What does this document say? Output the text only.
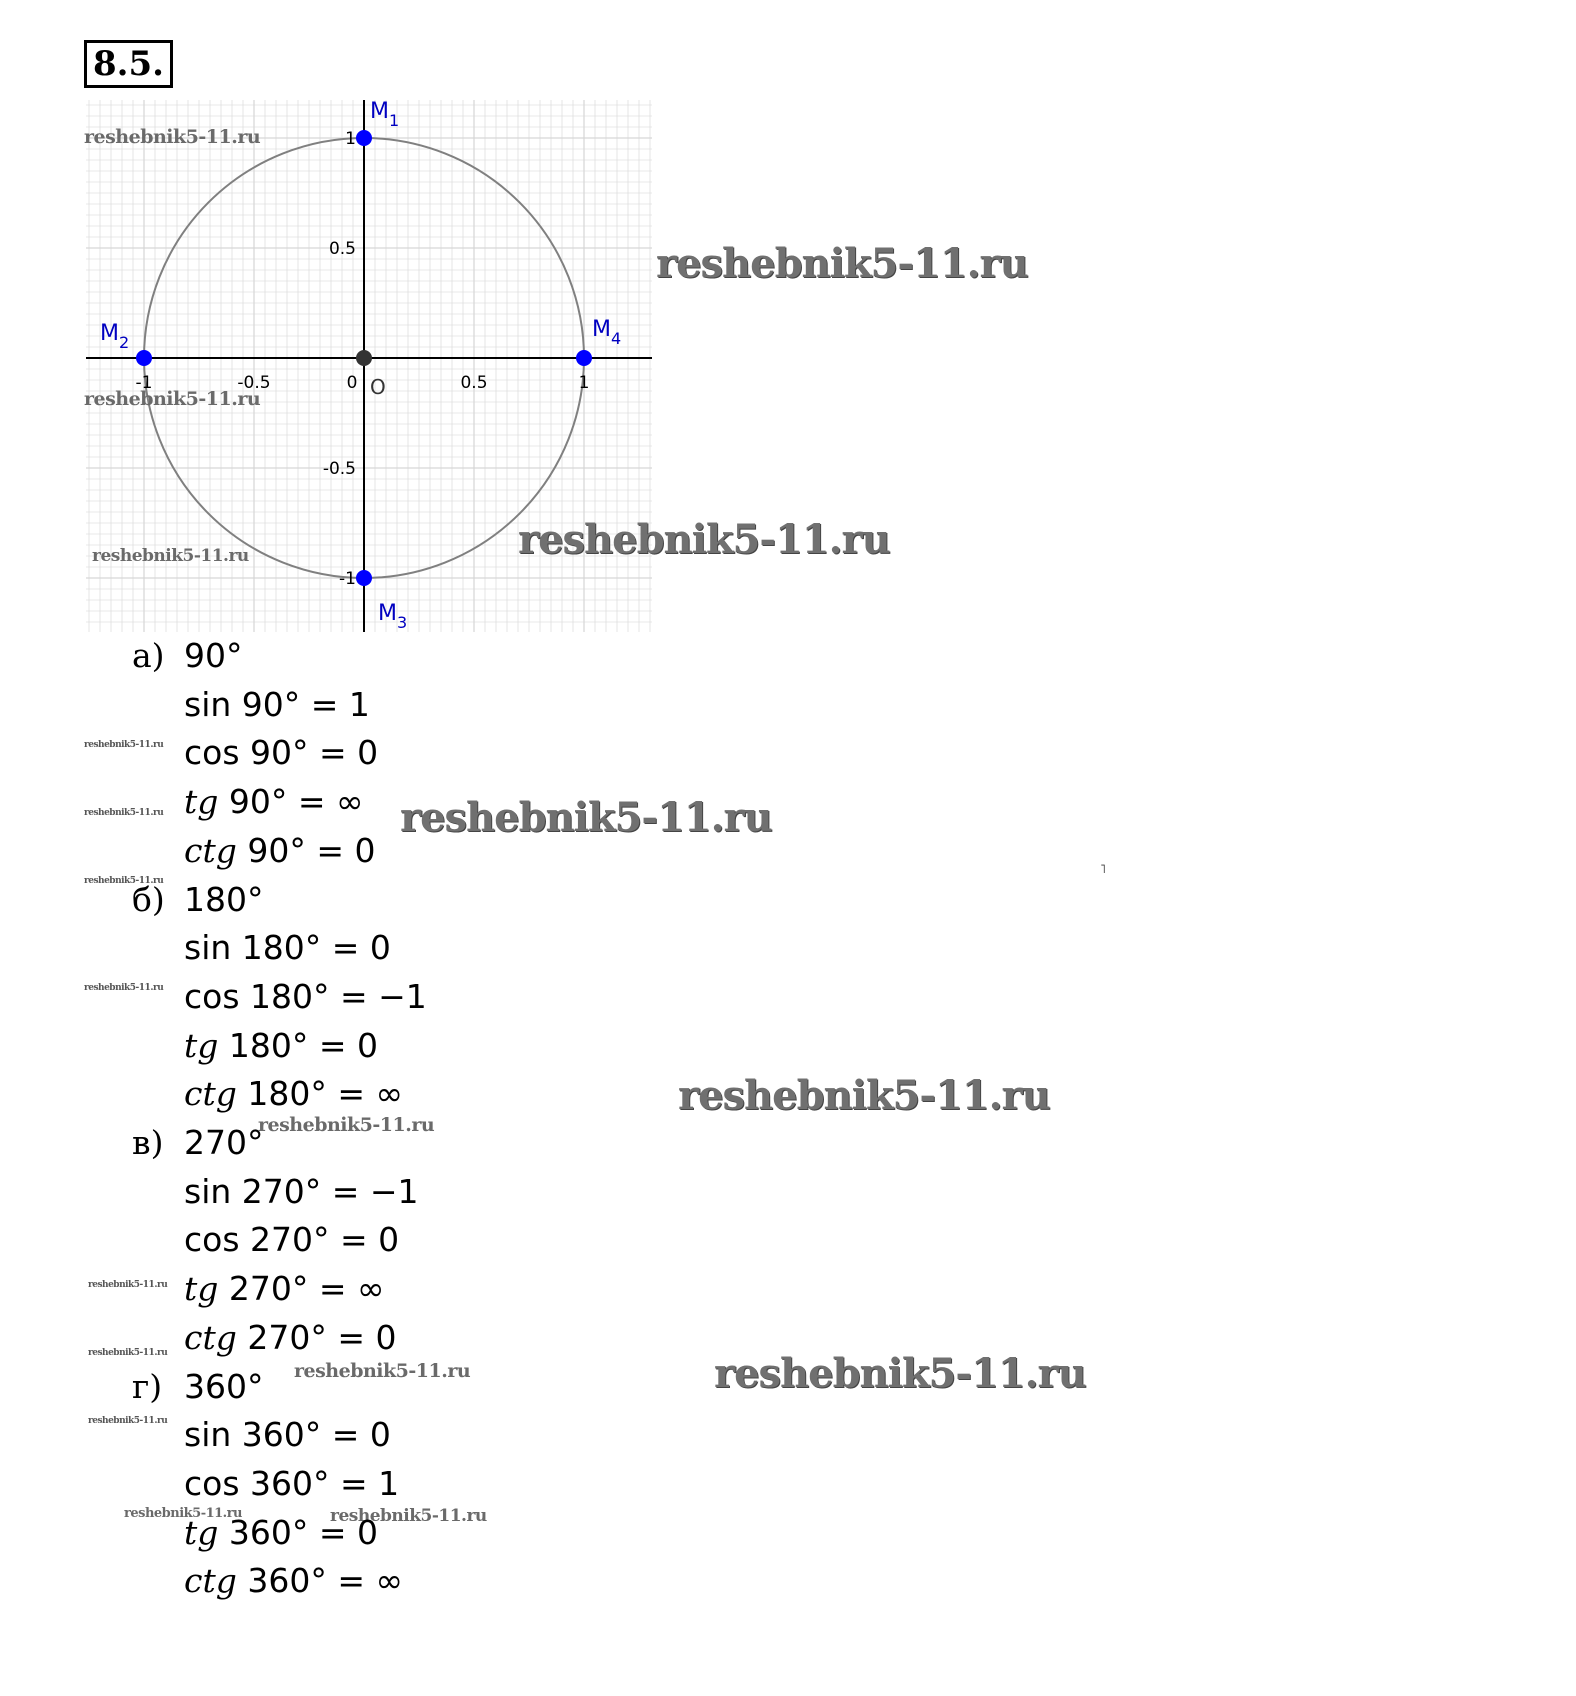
8.5.
-1	-0.5	0	0.5	1
1
0.5
-0.5
-1
O
$M_1$
$M_2$
$M_3$
$M_4$
reshebnik5-11.ru
reshebnik5-11.ru
reshebnik5-11.ru
reshebnik5-11.ru
reshebnik5-11.ru
reshebnik5-11.ru
reshebnik5-11.ru
reshebnik5-11.ru
reshebnik5-11.ru
reshebnik5-11.ru
reshebnik5-11.ru
reshebnik5-11.ru
reshebnik5-11.ru
reshebnik5-11.ru
reshebnik5-11.ru
reshebnik5-11.ru
reshebnik5-11.ru
reshebnik5-11.ru	reshebnik5-11.ru
а) 90°
sin 90° = 1
cos 90° = 0
tg 90° = ∞
ctg 90° = 0
б) 180°
sin 180° = 0
cos 180° = −1
tg 180° = 0
ctg 180° = ∞
в) 270°
sin 270° = −1
cos 270° = 0
tg 270° = ∞
ctg 270° = 0
г) 360°
sin 360° = 0
cos 360° = 1
tg 360° = 0
ctg 360° = ∞
˥
